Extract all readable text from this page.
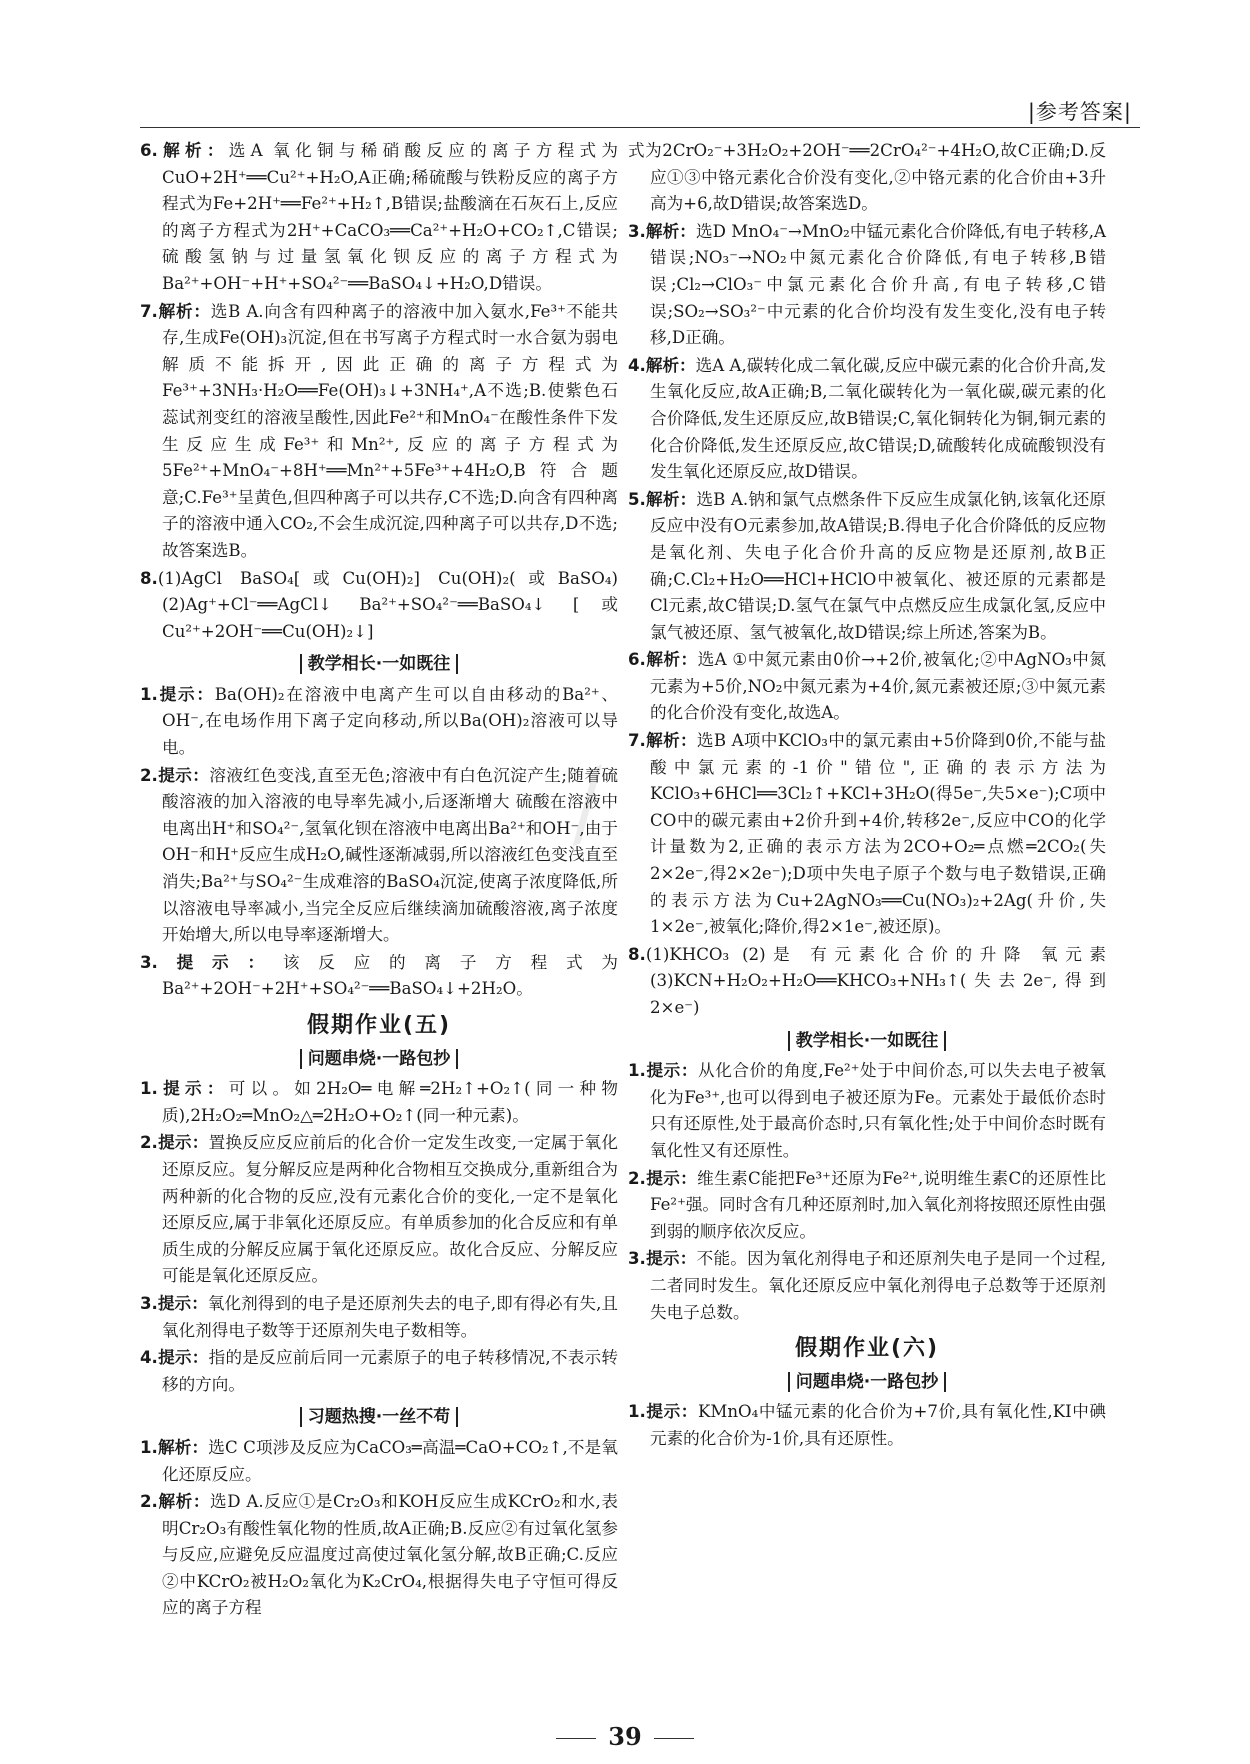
|参考答案|
⟋
6.解析：选A 氧化铜与稀硝酸反应的离子方程式为CuO+2H⁺══Cu²⁺+H₂O,A正确;稀硫酸与铁粉反应的离子方程式为Fe+2H⁺══Fe²⁺+H₂↑,B错误;盐酸滴在石灰石上,反应的离子方程式为2H⁺+CaCO₃══Ca²⁺+H₂O+CO₂↑,C错误;硫酸氢钠与过量氢氧化钡反应的离子方程式为Ba²⁺+OH⁻+H⁺+SO₄²⁻══BaSO₄↓+H₂O,D错误。
7.解析：选B A.向含有四种离子的溶液中加入氨水,Fe³⁺不能共存,生成Fe(OH)₃沉淀,但在书写离子方程式时一水合氨为弱电解质不能拆开,因此正确的离子方程式为Fe³⁺+3NH₃·H₂O══Fe(OH)₃↓+3NH₄⁺,A不选;B.使紫色石蕊试剂变红的溶液呈酸性,因此Fe²⁺和MnO₄⁻在酸性条件下发生反应生成Fe³⁺和Mn²⁺,反应的离子方程式为5Fe²⁺+MnO₄⁻+8H⁺══Mn²⁺+5Fe³⁺+4H₂O,B符合题意;C.Fe³⁺呈黄色,但四种离子可以共存,C不选;D.向含有四种离子的溶液中通入CO₂,不会生成沉淀,四种离子可以共存,D不选;故答案选B。
8.(1)AgCl BaSO₄[或Cu(OH)₂] Cu(OH)₂(或BaSO₄) (2)Ag⁺+Cl⁻══AgCl↓ Ba²⁺+SO₄²⁻══BaSO₄↓ [或Cu²⁺+2OH⁻══Cu(OH)₂↓]
教学相长·一如既往
1.提示：Ba(OH)₂在溶液中电离产生可以自由移动的Ba²⁺、OH⁻,在电场作用下离子定向移动,所以Ba(OH)₂溶液可以导电。
2.提示：溶液红色变浅,直至无色;溶液中有白色沉淀产生;随着硫酸溶液的加入溶液的电导率先减小,后逐渐增大 硫酸在溶液中电离出H⁺和SO₄²⁻,氢氧化钡在溶液中电离出Ba²⁺和OH⁻,由于OH⁻和H⁺反应生成H₂O,碱性逐渐减弱,所以溶液红色变浅直至消失;Ba²⁺与SO₄²⁻生成难溶的BaSO₄沉淀,使离子浓度降低,所以溶液电导率减小,当完全反应后继续滴加硫酸溶液,离子浓度开始增大,所以电导率逐渐增大。
3.提示：该反应的离子方程式为Ba²⁺+2OH⁻+2H⁺+SO₄²⁻══BaSO₄↓+2H₂O。
假期作业(五)
问题串烧·一路包抄
1.提示：可以。如2H₂O═电解═2H₂↑+O₂↑(同一种物质),2H₂O₂═MnO₂△═2H₂O+O₂↑(同一种元素)。
2.提示：置换反应反应前后的化合价一定发生改变,一定属于氧化还原反应。复分解反应是两种化合物相互交换成分,重新组合为两种新的化合物的反应,没有元素化合价的变化,一定不是氧化还原反应,属于非氧化还原反应。有单质参加的化合反应和有单质生成的分解反应属于氧化还原反应。故化合反应、分解反应可能是氧化还原反应。
3.提示：氧化剂得到的电子是还原剂失去的电子,即有得必有失,且氧化剂得电子数等于还原剂失电子数相等。
4.提示：指的是反应前后同一元素原子的电子转移情况,不表示转移的方向。
习题热搜·一丝不苟
1.解析：选C C项涉及反应为CaCO₃═高温═CaO+CO₂↑,不是氧化还原反应。
2.解析：选D A.反应①是Cr₂O₃和KOH反应生成KCrO₂和水,表明Cr₂O₃有酸性氧化物的性质,故A正确;B.反应②有过氧化氢参与反应,应避免反应温度过高使过氧化氢分解,故B正确;C.反应②中KCrO₂被H₂O₂氧化为K₂CrO₄,根据得失电子守恒可得反应的离子方程
式为2CrO₂⁻+3H₂O₂+2OH⁻══2CrO₄²⁻+4H₂O,故C正确;D.反应①③中铬元素化合价没有变化,②中铬元素的化合价由+3升高为+6,故D错误;故答案选D。
3.解析：选D MnO₄⁻→MnO₂中锰元素化合价降低,有电子转移,A错误;NO₃⁻→NO₂中氮元素化合价降低,有电子转移,B错误;Cl₂→ClO₃⁻中氯元素化合价升高,有电子转移,C错误;SO₂→SO₃²⁻中元素的化合价均没有发生变化,没有电子转移,D正确。
4.解析：选A A,碳转化成二氧化碳,反应中碳元素的化合价升高,发生氧化反应,故A正确;B,二氧化碳转化为一氧化碳,碳元素的化合价降低,发生还原反应,故B错误;C,氧化铜转化为铜,铜元素的化合价降低,发生还原反应,故C错误;D,硫酸转化成硫酸钡没有发生氧化还原反应,故D错误。
5.解析：选B A.钠和氯气点燃条件下反应生成氯化钠,该氧化还原反应中没有O元素参加,故A错误;B.得电子化合价降低的反应物是氧化剂、失电子化合价升高的反应物是还原剂,故B正确;C.Cl₂+H₂O══HCl+HClO中被氧化、被还原的元素都是Cl元素,故C错误;D.氢气在氯气中点燃反应生成氯化氢,反应中氯气被还原、氢气被氧化,故D错误;综上所述,答案为B。
6.解析：选A ①中氮元素由0价→+2价,被氧化;②中AgNO₃中氮元素为+5价,NO₂中氮元素为+4价,氮元素被还原;③中氮元素的化合价没有变化,故选A。
7.解析：选B A项中KClO₃中的氯元素由+5价降到0价,不能与盐酸中氯元素的-1价"错位",正确的表示方法为KClO₃+6HCl══3Cl₂↑+KCl+3H₂O(得5e⁻,失5×e⁻);C项中CO中的碳元素由+2价升到+4价,转移2e⁻,反应中CO的化学计量数为2,正确的表示方法为2CO+O₂═点燃═2CO₂(失2×2e⁻,得2×2e⁻);D项中失电子原子个数与电子数错误,正确的表示方法为Cu+2AgNO₃══Cu(NO₃)₂+2Ag(升价,失1×2e⁻,被氧化;降价,得2×1e⁻,被还原)。
8.(1)KHCO₃ (2)是 有元素化合价的升降 氧元素 (3)KCN+H₂O₂+H₂O══KHCO₃+NH₃↑(失去2e⁻,得到2×e⁻)
教学相长·一如既往
1.提示：从化合价的角度,Fe²⁺处于中间价态,可以失去电子被氧化为Fe³⁺,也可以得到电子被还原为Fe。元素处于最低价态时只有还原性,处于最高价态时,只有氧化性;处于中间价态时既有氧化性又有还原性。
2.提示：维生素C能把Fe³⁺还原为Fe²⁺,说明维生素C的还原性比Fe²⁺强。同时含有几种还原剂时,加入氧化剂将按照还原性由强到弱的顺序依次反应。
3.提示：不能。因为氧化剂得电子和还原剂失电子是同一个过程,二者同时发生。氧化还原反应中氧化剂得电子总数等于还原剂失电子总数。
假期作业(六)
问题串烧·一路包抄
1.提示：KMnO₄中锰元素的化合价为+7价,具有氧化性,KI中碘元素的化合价为-1价,具有还原性。
39
